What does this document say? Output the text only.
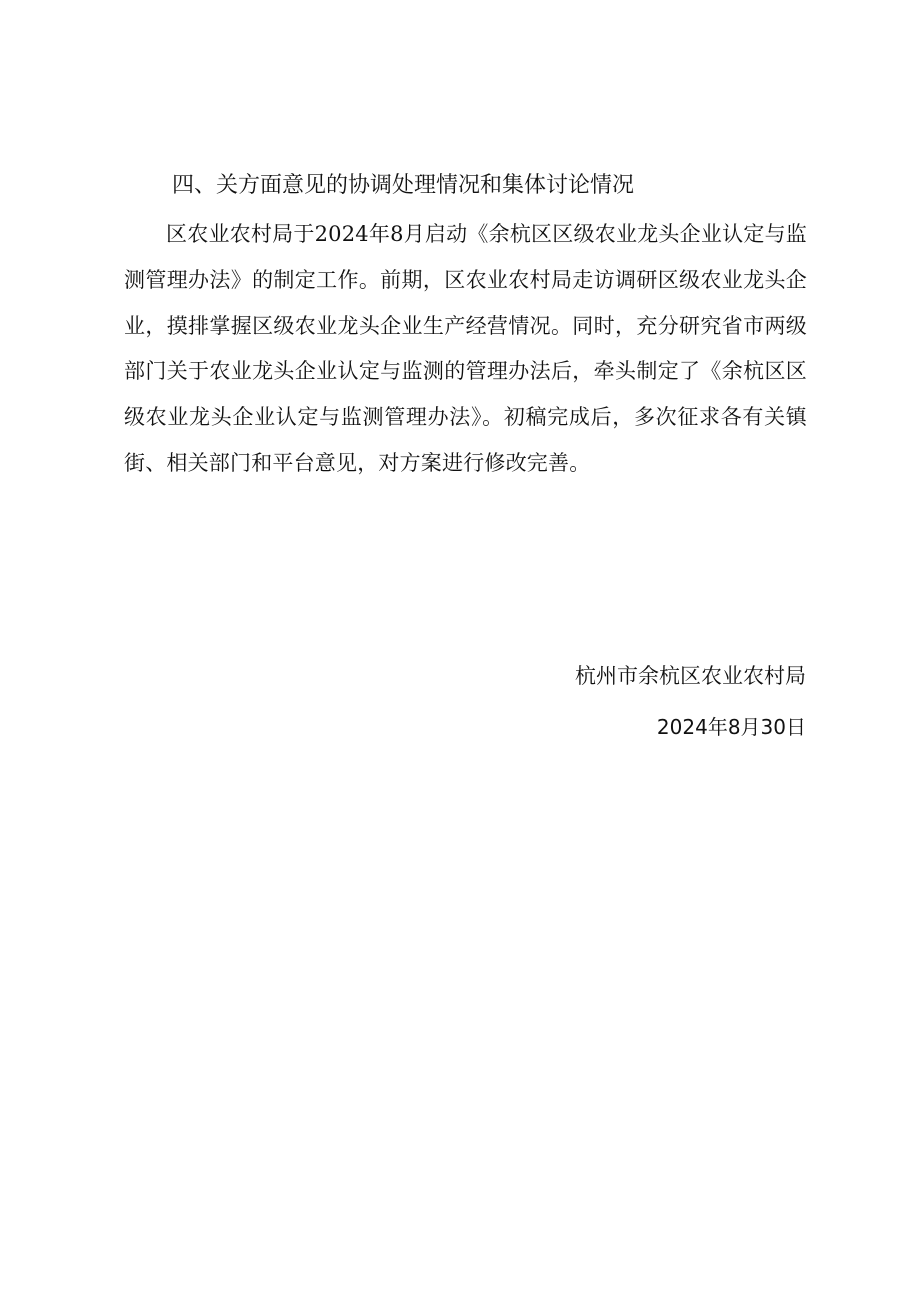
四、关方面意见的协调处理情况和集体讨论情况
区农业农村局于2024年8月启动《余杭区区级农业龙头企业认定与监测管理办法》的制定工作。前期，区农业农村局走访调研区级农业龙头企业，摸排掌握区级农业龙头企业生产经营情况。同时，充分研究省市两级部门关于农业龙头企业认定与监测的管理办法后，牵头制定了《余杭区区级农业龙头企业认定与监测管理办法》。初稿完成后，多次征求各有关镇街、相关部门和平台意见，对方案进行修改完善。
杭州市余杭区农业农村局
2024年8月30日
